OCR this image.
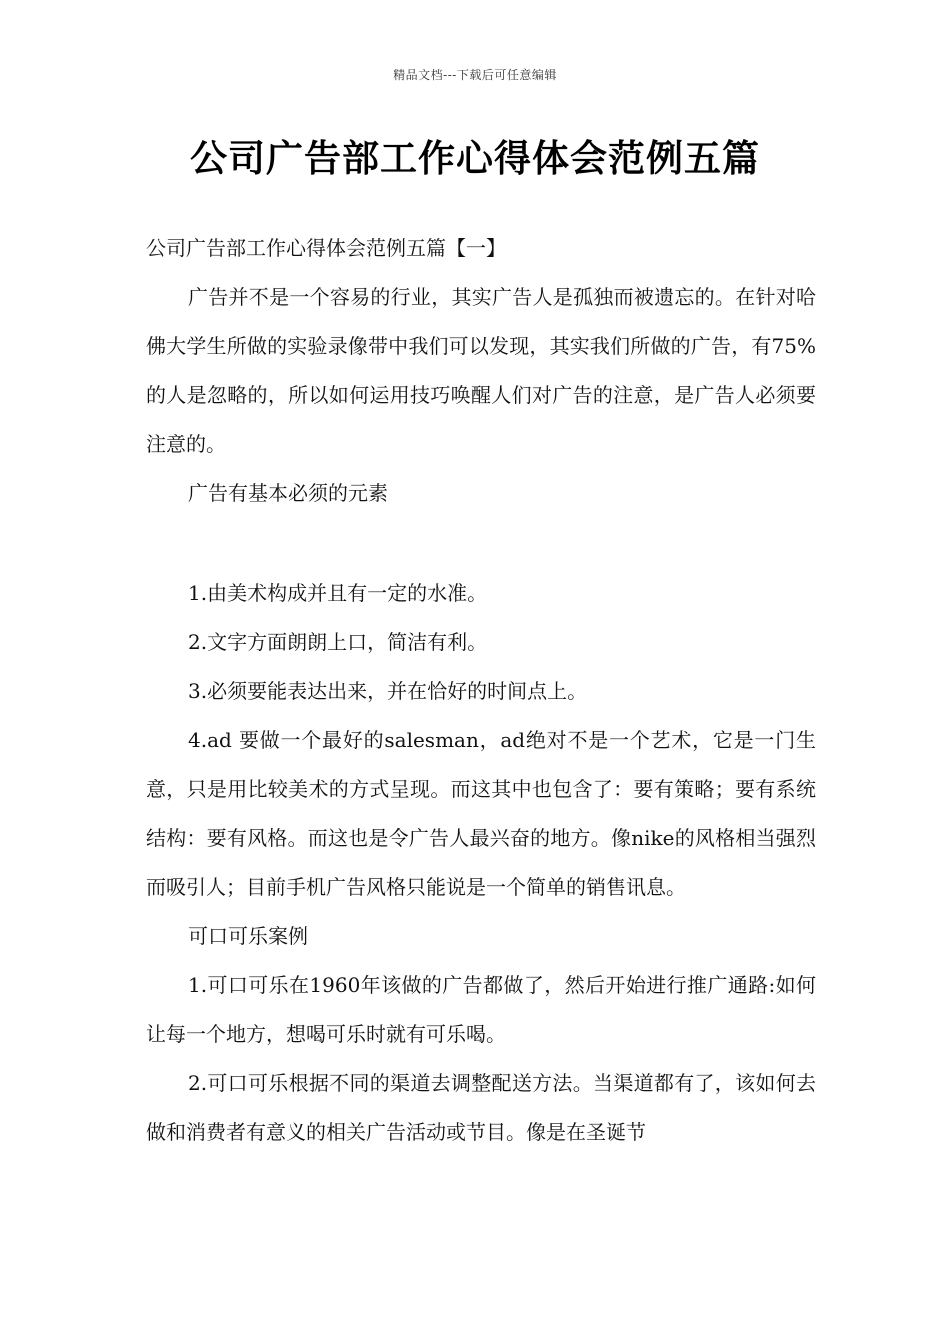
精品文档---下载后可任意编辑
公司广告部工作心得体会范例五篇

公司广告部工作心得体会范例五篇【一】

广告并不是一个容易的行业，其实广告人是孤独而被遗忘的。在针对哈佛大学生所做的实验录像带中我们可以发现，其实我们所做的广告，有75%的人是忽略的，所以如何运用技巧唤醒人们对广告的注意，是广告人必须要注意的。

广告有基本必须的元素

1.由美术构成并且有一定的水准。

2.文字方面朗朗上口，简洁有利。

3.必须要能表达出来，并在恰好的时间点上。

4.ad 要做一个最好的salesman，ad绝对不是一个艺术，它是一门生意，只是用比较美术的方式呈现。而这其中也包含了：要有策略；要有系统结构：要有风格。而这也是令广告人最兴奋的地方。像nike的风格相当强烈而吸引人；目前手机广告风格只能说是一个简单的销售讯息。

可口可乐案例

1.可口可乐在1960年该做的广告都做了，然后开始进行推广通路:如何让每一个地方，想喝可乐时就有可乐喝。

2.可口可乐根据不同的渠道去调整配送方法。当渠道都有了，该如何去做和消费者有意义的相关广告活动或节目。像是在圣诞节
